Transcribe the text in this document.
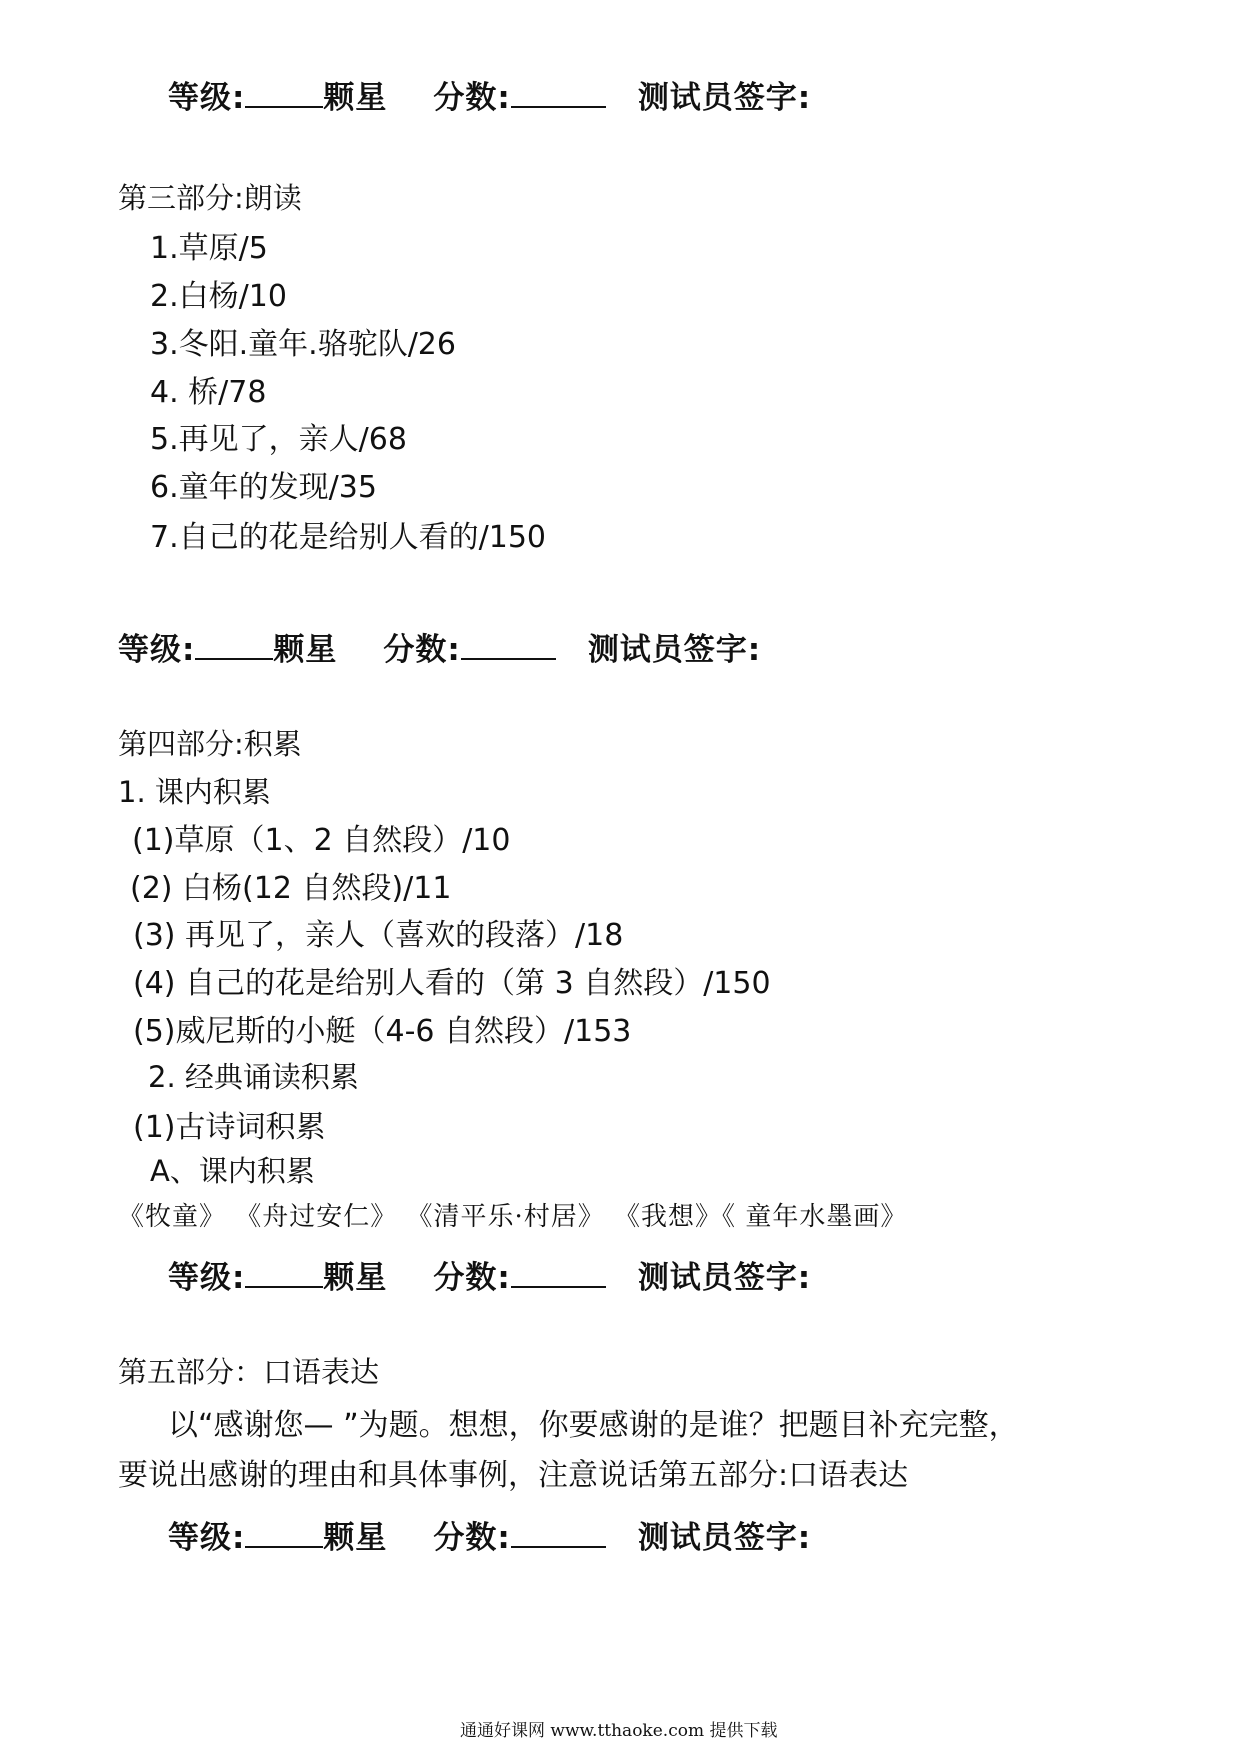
等级:	颗星 分数:	测试员签字:
第三部分:朗读
1.草原/5
2.白杨/10
3.冬阳.童年.骆驼队/26
4. 桥/78
5.再见了，亲人/68
6.童年的发现/35
7.自己的花是给别人看的/150
等级:	颗星 分数:	测试员签字:
第四部分:积累
1. 课内积累
(1)草原（1、2 自然段）/10
(2) 白杨(12 自然段)/11
(3) 再见了，亲人（喜欢的段落）/18
(4) 自己的花是给别人看的（第 3 自然段）/150
(5)威尼斯的小艇（4-6 自然段）/153
2. 经典诵读积累
(1)古诗词积累
A、课内积累
《牧童》 《舟过安仁》 《清平乐·村居》 《我想》《 童年水墨画》
等级:	颗星 分数:	测试员签字:
第五部分：口语表达
以“感谢您— ”为题。想想，你要感谢的是谁？把题目补充完整，
要说出感谢的理由和具体事例，注意说话第五部分:口语表达
等级:	颗星 分数:	测试员签字:
通通好课网 www.tthaoke.com 提供下载
